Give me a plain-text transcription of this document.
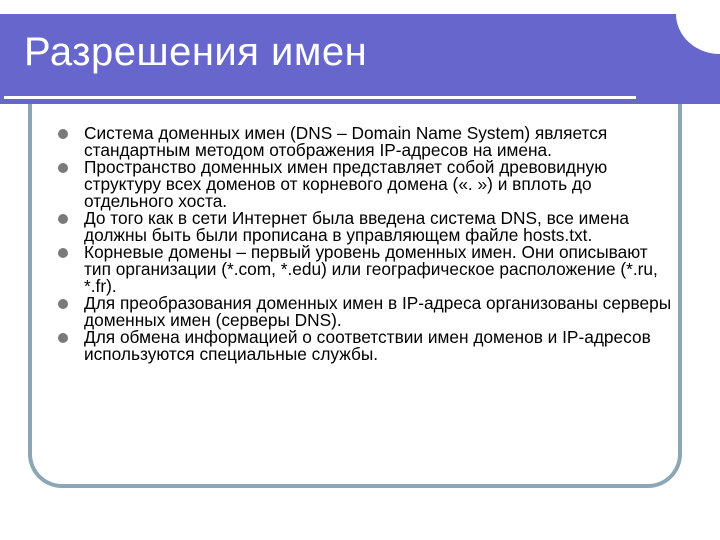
Разрешения имен
Система доменных имен (DNS – Domain Name System) является стандартным методом отображения IP-адресов на имена.
Пространство доменных имен представляет собой древовидную структуру всех доменов от корневого домена («. ») и вплоть до отдельного хоста.
До того как в сети Интернет была введена система DNS, все имена должны быть были прописана в управляющем файле hosts.txt.
Корневые домены – первый уровень доменных имен. Они описывают тип организации (*.com, *.edu) или географическое расположение (*.ru, *.fr).
Для преобразования доменных имен в IP-адреса организованы серверы доменных имен (серверы DNS).
Для обмена информацией о соответствии имен доменов и IP-адресов используются специальные службы.
